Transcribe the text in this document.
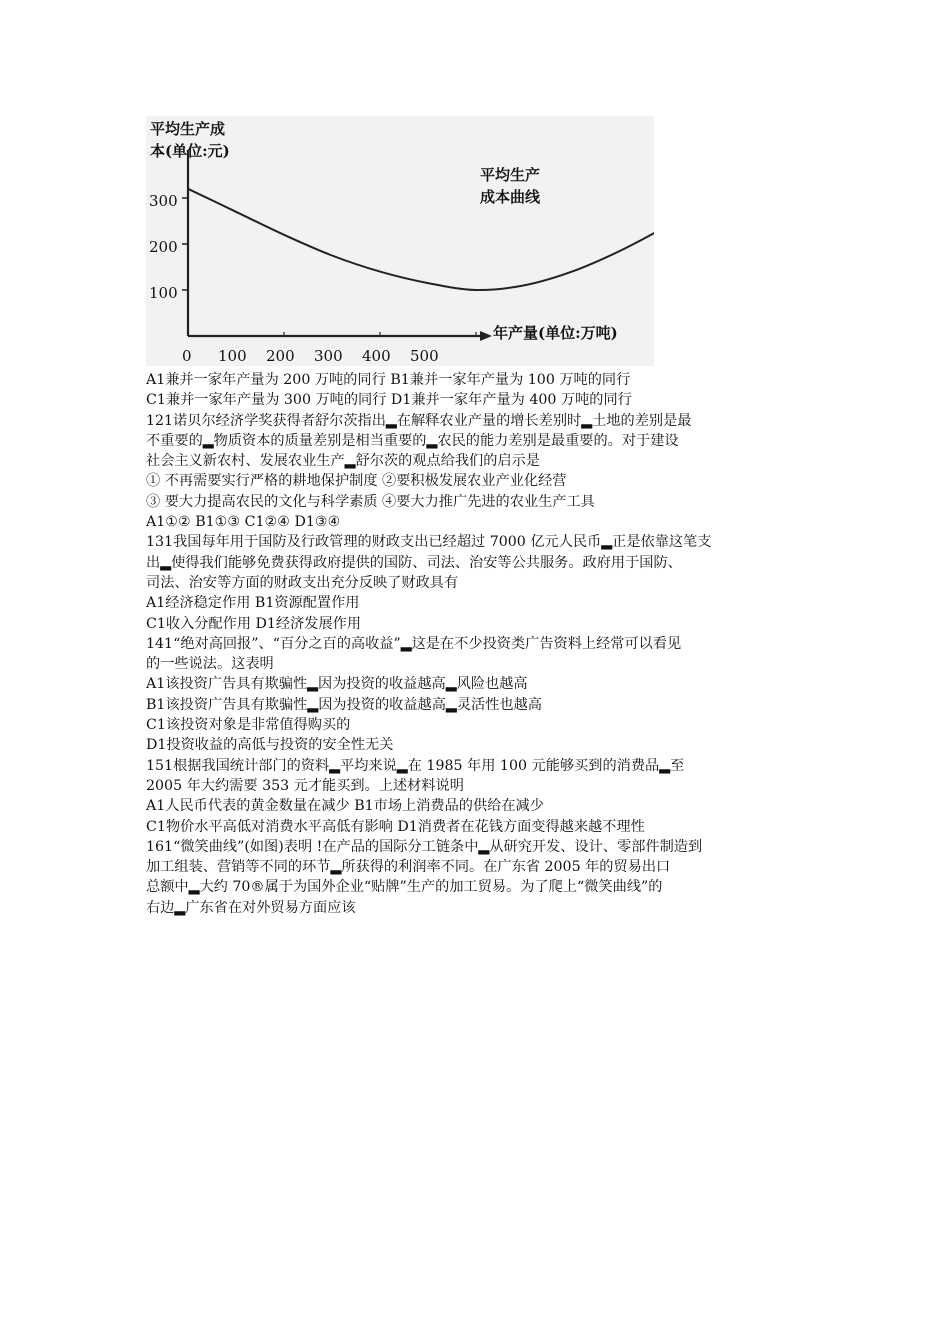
平均生产成
本(单位:元)
平均生产
成本曲线
年产量(单位:万吨)
300
200
100
0 100 200 300 400 500
A1兼并一家年产量为 200 万吨的同行 B1兼并一家年产量为 100 万吨的同行
C1兼并一家年产量为 300 万吨的同行 D1兼并一家年产量为 400 万吨的同行
121诺贝尔经济学奖获得者舒尔茨指出▂在解释农业产量的增长差别时▂土地的差别是最
不重要的▂物质资本的质量差别是相当重要的▂农民的能力差别是最重要的。对于建设
社会主义新农村、发展农业生产▂舒尔茨的观点给我们的启示是
① 不再需要实行严格的耕地保护制度 ②要积极发展农业产业化经营
③ 要大力提高农民的文化与科学素质 ④要大力推广先进的农业生产工具
A1①② B1①③ C1②④ D1③④
131我国每年用于国防及行政管理的财政支出已经超过 7000 亿元人民币▂正是依靠这笔支
出▂使得我们能够免费获得政府提供的国防、司法、治安等公共服务。政府用于国防、
司法、治安等方面的财政支出充分反映了财政具有
A1经济稳定作用 B1资源配置作用
C1收入分配作用 D1经济发展作用
141“绝对高回报”、“百分之百的高收益”▂这是在不少投资类广告资料上经常可以看见
的一些说法。这表明
A1该投资广告具有欺骗性▂因为投资的收益越高▂风险也越高
B1该投资广告具有欺骗性▂因为投资的收益越高▂灵活性也越高
C1该投资对象是非常值得购买的
D1投资收益的高低与投资的安全性无关
151根据我国统计部门的资料▂平均来说▂在 1985 年用 100 元能够买到的消费品▂至
2005 年大约需要 353 元才能买到。上述材料说明
A1人民币代表的黄金数量在减少 B1市场上消费品的供给在减少
C1物价水平高低对消费水平高低有影响 D1消费者在花钱方面变得越来越不理性
161“微笑曲线”(如图)表明 !在产品的国际分工链条中▂从研究开发、设计、零部件制造到
加工组装、营销等不同的环节▂所获得的利润率不同。在广东省 2005 年的贸易出口
总额中▂大约 70®属于为国外企业“贴牌”生产的加工贸易。为了爬上“微笑曲线”的
右边▂广东省在对外贸易方面应该
